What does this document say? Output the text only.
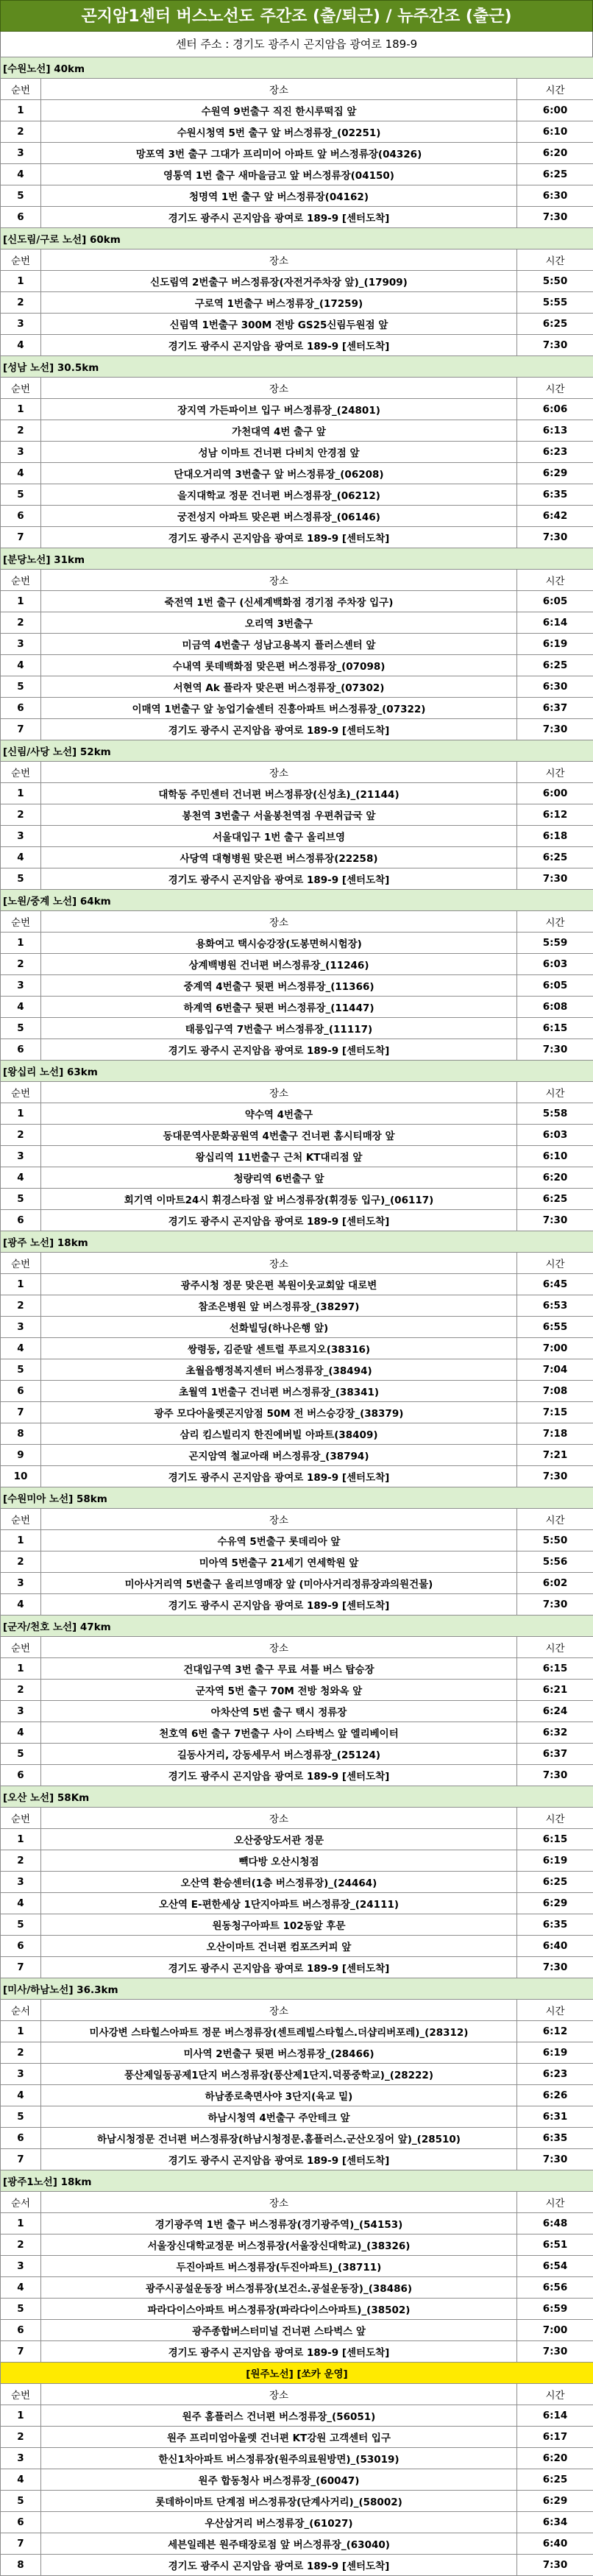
곤지암1센터 버스노선도 주간조 (출/퇴근) / 뉴주간조 (출근)
센터 주소 : 경기도 광주시 곤지암읍 광여로 189-9
[수원노선] 40km		
순번	장소	시간
1	수원역 9번출구 직진 한시루떡집 앞	6:00
2	수원시청역 5번 출구 앞 버스정류장_(02251)	6:10
3	망포역 3번 출구 그대가 프리미어 아파트 앞 버스정류장(04326)	6:20
4	영통역 1번 출구 새마을금고 앞 버스정류장(04150)	6:25
5	청명역 1번 출구 앞 버스정류장(04162)	6:30
6	경기도 광주시 곤지암읍 광여로 189-9 [센터도착]	7:30
[신도림/구로 노선] 60km		
순번	장소	시간
1	신도림역 2번출구 버스정류장(자전거주차장 앞)_(17909)	5:50
2	구로역 1번출구 버스정류장_(17259)	5:55
3	신림역 1번출구 300M 전방 GS25신림두원점 앞	6:25
4	경기도 광주시 곤지암읍 광여로 189-9 [센터도착]	7:30
[성남 노선] 30.5km		
순번	장소	시간
1	장지역 가든파이브 입구 버스정류장_(24801)	6:06
2	가천대역 4번 출구 앞	6:13
3	성남 이마트 건너편 다비치 안경점 앞	6:23
4	단대오거리역 3번출구 앞 버스정류장_(06208)	6:29
5	을지대학교 정문 건너편 버스정류장_(06212)	6:35
6	궁전성지 아파트 맞은편 버스정류장_(06146)	6:42
7	경기도 광주시 곤지암읍 광여로 189-9 [센터도착]	7:30
[분당노선] 31km		
순번	장소	시간
1	죽전역 1번 출구 (신세계백화점 경기점 주차장 입구)	6:05
2	오리역 3번출구	6:14
3	미금역 4번출구 성남고용복지 플러스센터 앞	6:19
4	수내역 롯데백화점 맞은편 버스정류장_(07098)	6:25
5	서현역 Ak 플라자 맞은편 버스정류장_(07302)	6:30
6	이매역 1번출구 앞 농업기술센터 진흥아파트 버스정류장_(07322)	6:37
7	경기도 광주시 곤지암읍 광여로 189-9 [센터도착]	7:30
[신림/사당 노선] 52km		
순번	장소	시간
1	대학동 주민센터 건너편 버스정류장(신성초)_(21144)	6:00
2	봉천역 3번출구 서울봉천역점 우편취급국 앞	6:12
3	서울대입구 1번 출구 올리브영	6:18
4	사당역 대형병원 맞은편 버스정류장(22258)	6:25
5	경기도 광주시 곤지암읍 광여로 189-9 [센터도착]	7:30
[노원/중계 노선] 64km		
순번	장소	시간
1	용화여고 택시승강장(도봉면허시험장)	5:59
2	상계백병원 건너편 버스정류장_(11246)	6:03
3	중계역 4번출구 뒷편 버스정류장_(11366)	6:05
4	하계역 6번출구 뒷편 버스정류장_(11447)	6:08
5	태릉입구역 7번출구 버스정류장_(11117)	6:15
6	경기도 광주시 곤지암읍 광여로 189-9 [센터도착]	7:30
[왕십리 노선] 63km		
순번	장소	시간
1	약수역 4번출구	5:58
2	동대문역사문화공원역 4번출구 건너편 홈시티매장 앞	6:03
3	왕십리역 11번출구 근처 KT대리점 앞	6:10
4	청량리역 6번출구 앞	6:20
5	회기역 이마트24시 휘경스타점 앞 버스정류장(휘경동 입구)_(06117)	6:25
6	경기도 광주시 곤지암읍 광여로 189-9 [센터도착]	7:30
[광주 노선] 18km		
순번	장소	시간
1	광주시청 정문 맞은편 복원이웃교회앞 대로변	6:45
2	참조은병원 앞 버스정류장_(38297)	6:53
3	선화빌딩(하나은행 앞)	6:55
4	쌍령동, 김준말 센트럴 푸르지오(38316)	7:00
5	초월읍행정복지센터 버스정류장_(38494)	7:04
6	초월역 1번출구 건너편 버스정류장_(38341)	7:08
7	광주 모다아울렛곤지암점 50M 전 버스승강장_(38379)	7:15
8	삼리 킴스빌리지 한진에버빌 아파트(38409)	7:18
9	곤지암역 철교아래 버스정류장_(38794)	7:21
10	경기도 광주시 곤지암읍 광여로 189-9 [센터도착]	7:30
[수원미아 노선] 58km		
순번	장소	시간
1	수유역 5번출구 롯데리아 앞	5:50
2	미아역 5번출구 21세기 연세학원 앞	5:56
3	미아사거리역 5번출구 올리브영매장 앞 (미아사거리정류장과의원건물)	6:02
4	경기도 광주시 곤지암읍 광여로 189-9 [센터도착]	7:30
[군자/천호 노선] 47km		
순번	장소	시간
1	건대입구역 3번 출구 무료 셔틀 버스 탑승장	6:15
2	군자역 5번 출구 70M 전방 청와옥 앞	6:21
3	아차산역 5번 출구 택시 정류장	6:24
4	천호역 6번 출구 7번출구 사이 스타벅스 앞 엘리베이터	6:32
5	길동사거리, 강동세무서 버스정류장_(25124)	6:37
6	경기도 광주시 곤지암읍 광여로 189-9 [센터도착]	7:30
[오산 노선] 58Km		
순번	장소	시간
1	오산중앙도서관 정문	6:15
2	빽다방 오산시청점	6:19
3	오산역 환승센터(1층 버스정류장)_(24464)	6:25
4	오산역 E-편한세상 1단지아파트 버스정류장_(24111)	6:29
5	원동청구아파트 102동앞 후문	6:35
6	오산이마트 건너편 컴포즈커피 앞	6:40
7	경기도 광주시 곤지암읍 광여로 189-9 [센터도착]	7:30
[미사/하남노선] 36.3km		
순서	장소	시간
1	미사강변 스타힐스아파트 정문 버스정류장(센트레빌스타힐스.더샵리버포레)_(28312)	6:12
2	미사역 2번출구 뒷편 버스정류장_(28466)	6:19
3	풍산제일동공제1단지 버스정류장(풍산제1단지.덕풍중학교)_(28222)	6:23
4	하남종로축면사야 3단지(육교 밑)	6:26
5	하남시청역 4번출구 주안테크 앞	6:31
6	하남시청정문 건너편 버스정류장(하남시청정문.홈플러스.군산오징어 앞)_(28510)	6:35
7	경기도 광주시 곤지암읍 광여로 189-9 [센터도착]	7:30
[광주1노선] 18km		
순서	장소	시간
1	경기광주역 1번 출구 버스정류장(경기광주역)_(54153)	6:48
2	서울장신대학교정문 버스정류장(서울장신대학교)_(38326)	6:51
3	두진아파트 버스정류장(두진아파트)_(38711)	6:54
4	광주시공설운동장 버스정류장(보건소.공설운동장)_(38486)	6:56
5	파라다이스아파트 버스정류장(파라다이스아파트)_(38502)	6:59
6	광주종합버스터미널 건너편 스타벅스 앞	7:00
7	경기도 광주시 곤지암읍 광여로 189-9 [센터도착]	7:30
[원주노선] [쏘카 운영]		
순번	장소	시간
1	원주 홈플러스 건너편 버스정류장_(56051)	6:14
2	원주 프리미엄아울렛 건너편 KT강원 고객센터 입구	6:17
3	한신1차아파트 버스정류장(원주의료원방면)_(53019)	6:20
4	원주 합동청사 버스정류장_(60047)	6:25
5	롯데하이마트 단계점 버스정류장(단계사거리)_(58002)	6:29
6	우산삼거리 버스정류장_(61027)	6:34
7	세븐일레븐 원주태장로점 앞 버스정류장_(63040)	6:40
8	경기도 광주시 곤지암읍 광여로 189-9 [센터도착]	7:30
